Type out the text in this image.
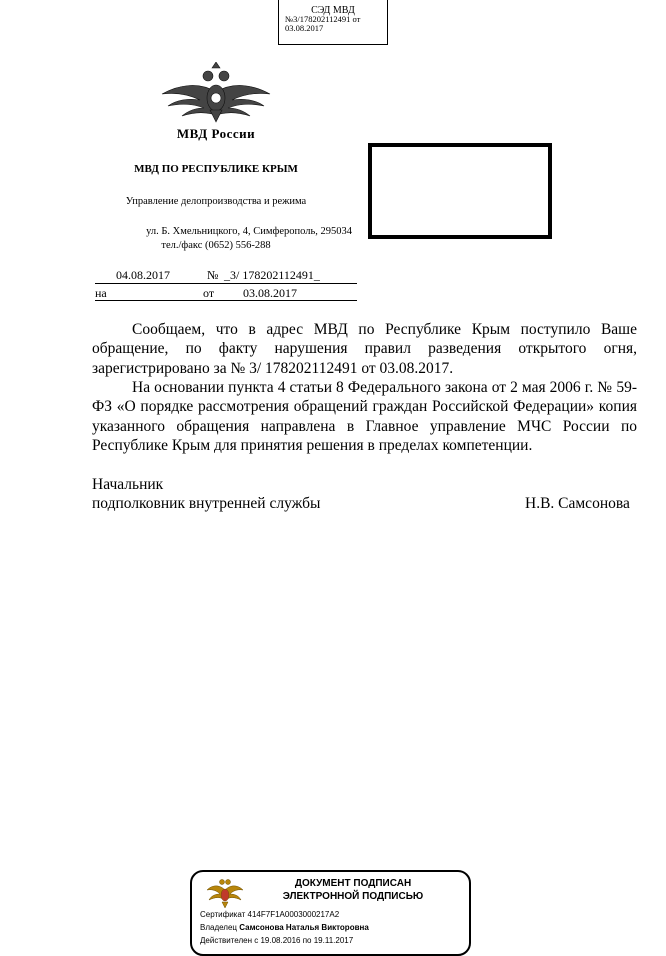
СЭД МВД
№3/178202112491 от
03.08.2017
МВД России
МВД ПО РЕСПУБЛИКЕ КРЫМ
Управление делопроизводства и режима
ул. Б. Хмельницкого, 4, Симферополь, 295034
тел./факс (0652) 556-288
04.08.2017	№ _3/ 178202112491_
на	от 03.08.2017
Сообщаем, что в адрес МВД по Республике Крым поступило Ваше обращение, по факту нарушения правил разведения открытого огня, зарегистрировано за № 3/ 178202112491 от 03.08.2017.
На основании пункта 4 статьи 8 Федерального закона от 2 мая 2006 г. № 59-ФЗ «О порядке рассмотрения обращений граждан Российской Федерации» копия указанного обращения направлена в Главное управление МЧС России по Республике Крым для принятия решения в пределах компетенции.
Начальник
подполковник внутренней службы	Н.В. Самсонова
ДОКУМЕНТ ПОДПИСАН
ЭЛЕКТРОННОЙ ПОДПИСЬЮ
Сертификат 414F7F1A0003000217A2
Владелец Самсонова Наталья Викторовна
Действителен с 19.08.2016 по 19.11.2017
